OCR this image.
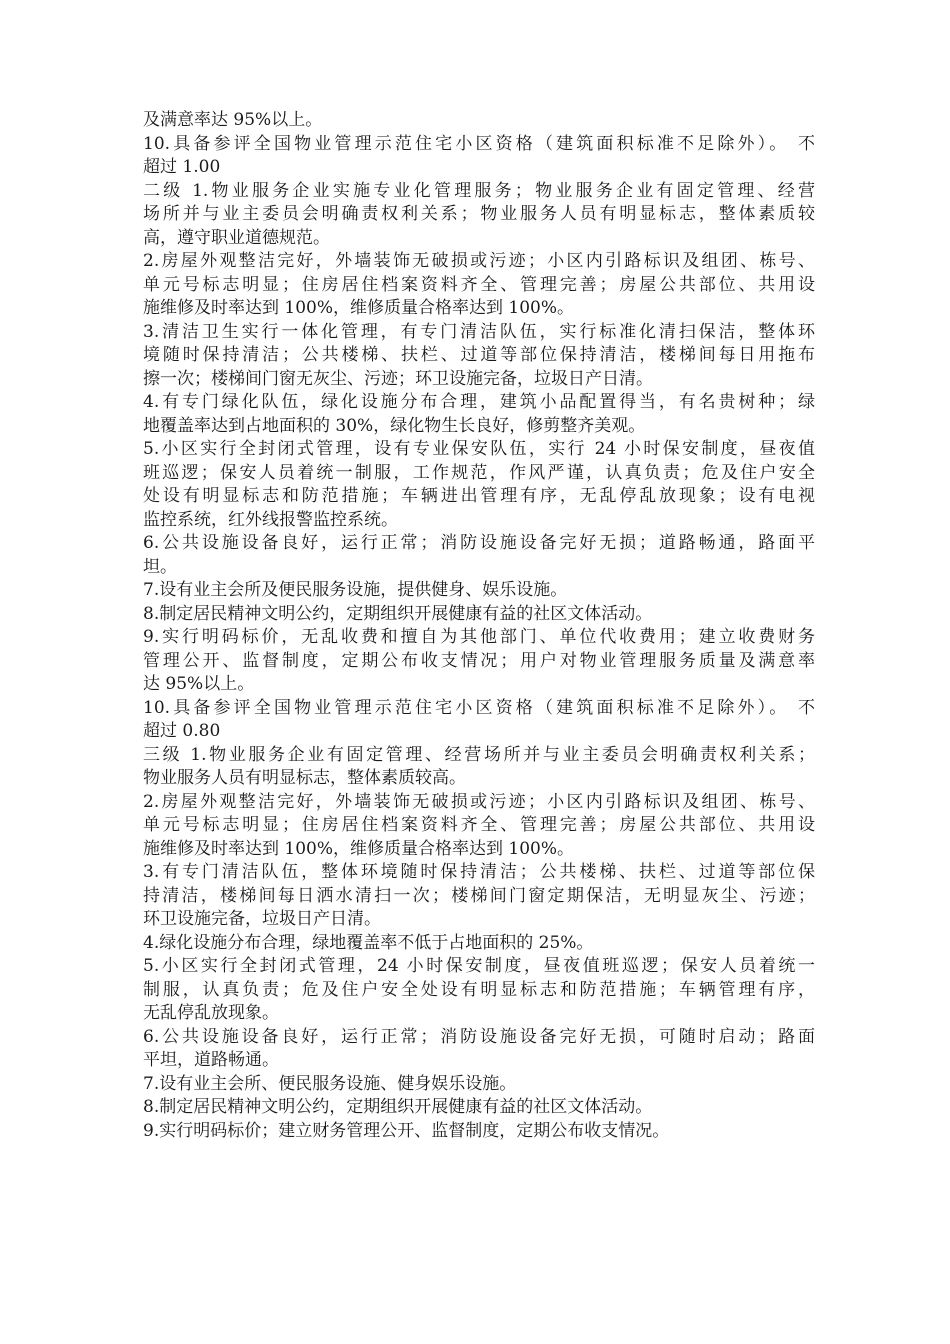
及满意率达 95%以上。

10.具备参评全国物业管理示范住宅小区资格（建筑面积标准不足除外）。 不

超过 1.00

二级 1.物业服务企业实施专业化管理服务；物业服务企业有固定管理、经营

场所并与业主委员会明确责权利关系；物业服务人员有明显标志，整体素质较

高，遵守职业道德规范。

2.房屋外观整洁完好，外墙装饰无破损或污迹；小区内引路标识及组团、栋号、

单元号标志明显；住房居住档案资料齐全、管理完善；房屋公共部位、共用设

施维修及时率达到 100%，维修质量合格率达到 100%。

3.清洁卫生实行一体化管理，有专门清洁队伍，实行标准化清扫保洁，整体环

境随时保持清洁；公共楼梯、扶栏、过道等部位保持清洁，楼梯间每日用拖布

擦一次；楼梯间门窗无灰尘、污迹；环卫设施完备，垃圾日产日清。

4.有专门绿化队伍，绿化设施分布合理，建筑小品配置得当，有名贵树种；绿

地覆盖率达到占地面积的 30%，绿化物生长良好，修剪整齐美观。

5.小区实行全封闭式管理，设有专业保安队伍，实行 24 小时保安制度，昼夜值

班巡逻；保安人员着统一制服，工作规范，作风严谨，认真负责；危及住户安全

处设有明显标志和防范措施；车辆进出管理有序，无乱停乱放现象；设有电视

监控系统，红外线报警监控系统。

6.公共设施设备良好，运行正常；消防设施设备完好无损；道路畅通，路面平

坦。

7.设有业主会所及便民服务设施，提供健身、娱乐设施。

8.制定居民精神文明公约，定期组织开展健康有益的社区文体活动。

9.实行明码标价，无乱收费和擅自为其他部门、单位代收费用；建立收费财务

管理公开、监督制度，定期公布收支情况；用户对物业管理服务质量及满意率

达 95%以上。

10.具备参评全国物业管理示范住宅小区资格（建筑面积标准不足除外）。 不

超过 0.80

三级 1.物业服务企业有固定管理、经营场所并与业主委员会明确责权利关系；

物业服务人员有明显标志，整体素质较高。

2.房屋外观整洁完好，外墙装饰无破损或污迹；小区内引路标识及组团、栋号、

单元号标志明显；住房居住档案资料齐全、管理完善；房屋公共部位、共用设

施维修及时率达到 100%，维修质量合格率达到 100%。

3.有专门清洁队伍，整体环境随时保持清洁；公共楼梯、扶栏、过道等部位保

持清洁，楼梯间每日洒水清扫一次；楼梯间门窗定期保洁，无明显灰尘、污迹；

环卫设施完备，垃圾日产日清。

4.绿化设施分布合理，绿地覆盖率不低于占地面积的 25%。

5.小区实行全封闭式管理，24 小时保安制度，昼夜值班巡逻；保安人员着统一

制服，认真负责；危及住户安全处设有明显标志和防范措施；车辆管理有序，

无乱停乱放现象。

6.公共设施设备良好，运行正常；消防设施设备完好无损，可随时启动；路面

平坦，道路畅通。

7.设有业主会所、便民服务设施、健身娱乐设施。

8.制定居民精神文明公约，定期组织开展健康有益的社区文体活动。

9.实行明码标价；建立财务管理公开、监督制度，定期公布收支情况。
